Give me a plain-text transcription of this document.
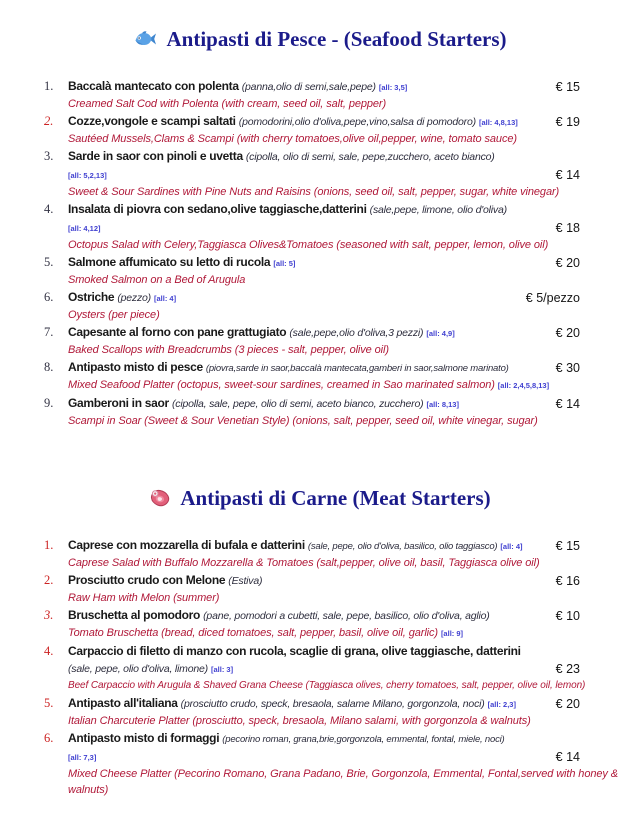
Antipasti di Pesce - (Seafood Starters)
1.	Baccalà mantecato con polenta (panna,olio di semi,sale,pepe) [all: 3,5]	€ 15
Creamed Salt Cod with Polenta (with cream, seed oil, salt, pepper)
2.	Cozze,vongole e scampi saltati (pomodorini,olio d'oliva,pepe,vino,salsa di pomodoro) [all: 4,8,13]	€ 19
Sautéed Mussels,Clams & Scampi (with cherry tomatoes,olive oil,pepper, wine, tomato sauce)
3.	Sarde in saor con pinoli e uvetta (cipolla, olio di semi, sale, pepe,zucchero, aceto bianco) [all: 5,2,13]	€ 14
Sweet & Sour Sardines with Pine Nuts and Raisins (onions, seed oil, salt, pepper, sugar, white vinegar)
4.	Insalata di piovra con sedano,olive taggiasche,datterini (sale,pepe, limone, olio d'oliva) [all: 4,12]	€ 18
Octopus Salad with Celery,Taggiasca Olives&Tomatoes (seasoned with salt, pepper, lemon, olive oil)
5.	Salmone affumicato su letto di rucola [all: 5]	€ 20
Smoked Salmon on a Bed of Arugula
6.	Ostriche (pezzo) [all: 4]	€ 5/pezzo
Oysters (per piece)
7.	Capesante al forno con pane grattugiato (sale,pepe,olio d'oliva,3 pezzi) [all: 4,9]	€ 20
Baked Scallops with Breadcrumbs (3 pieces - salt, pepper, olive oil)
8.	Antipasto misto di pesce (piovra,sarde in saor,baccalà mantecata,gamberi in saor,salmone marinato)	€ 30
Mixed Seafood Platter (octopus, sweet-sour sardines, creamed in Sao marinated salmon) [all: 2,4,5,8,13]
9.	Gamberoni in saor (cipolla, sale, pepe, olio di semi, aceto bianco, zucchero) [all: 8,13]	€ 14
Scampi in Soar (Sweet & Sour Venetian Style) (onions, salt, pepper, seed oil, white vinegar, sugar)
Antipasti di Carne (Meat Starters)
1.	Caprese con mozzarella di bufala e datterini (sale, pepe, olio d'oliva, basilico, olio taggiasco) [all: 4]	€ 15
Caprese Salad with Buffalo Mozzarella & Tomatoes (salt,pepper, olive oil, basil, Taggiasca olive oil)
2.	Prosciutto crudo con Melone (Estiva)	€ 16
Raw Ham with Melon (summer)
3.	Bruschetta al pomodoro (pane, pomodori a cubetti, sale, pepe, basilico, olio d'oliva, aglio)	€ 10
Tomato Bruschetta (bread, diced tomatoes, salt, pepper, basil, olive oil, garlic) [all: 9]
4.	Carpaccio di filetto di manzo con rucola, scaglie di grana, olive taggiasche, datterini (sale, pepe, olio d'oliva, limone) [all: 3]	€ 23
Beef Carpaccio with Arugula & Shaved Grana Cheese (Taggiasca olives, cherry tomatoes, salt, pepper, olive oil, lemon)
5.	Antipasto all'italiana (prosciutto crudo, speck, bresaola, salame Milano, gorgonzola, noci) [all: 2,3]	€ 20
Italian Charcuterie Platter (prosciutto, speck, bresaola, Milano salami, with gorgonzola & walnuts)
6.	Antipasto misto di formaggi (pecorino roman, grana,brie,gorgonzola, emmental, fontal, miele, noci) [all: 7,3]	€ 14
Mixed Cheese Platter (Pecorino Romano, Grana Padano, Brie, Gorgonzola, Emmental, Fontal,served with honey & walnuts)
